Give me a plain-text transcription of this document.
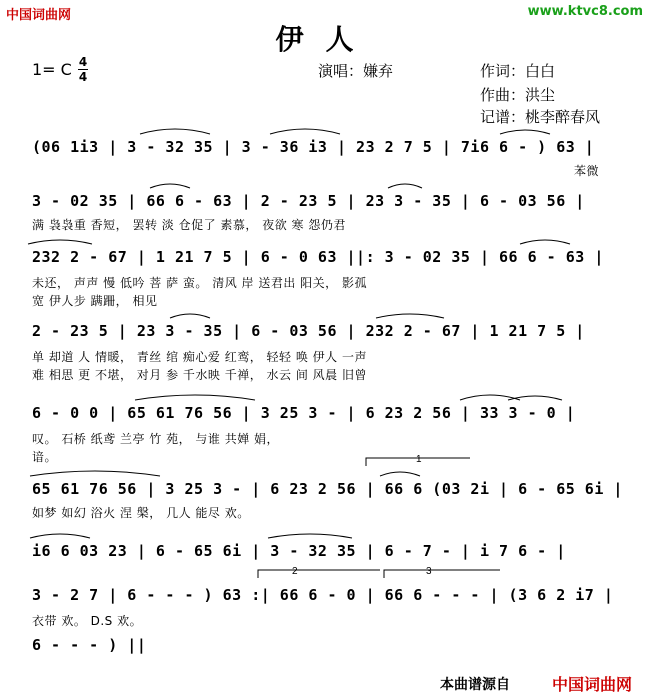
中国词曲网	www.ktvc8.com
伊人
1= C 4
4	演唱：嫌弃	作词：白白
作曲：洪尘
记谱：桃李醉春风
(06 1i3 | 3 - 32 35 | 3 - 36 i3 | 23 2 7 5 | 7i6 6 - ) 63 |
苯微
3 - 02 35 | 66 6 - 63 | 2 - 23 5 | 23 3 - 35 | 6 - 03 56 |
满 袅袅重 香短， 罢转 淡 仓促了 素慕， 夜欲 寒 怨仍君
232 2 - 67 | 1 21 7 5 | 6 - 0 63 ||: 3 - 02 35 | 66 6 - 63 |
未还， 声声 慢 低吟 菩 萨 蛮。 清风 岸 送君出 阳关， 影孤
宽 伊人步 蹒跚， 相见
2 - 23 5 | 23 3 - 35 | 6 - 03 56 | 232 2 - 67 | 1 21 7 5 |
单 却道 人 情暖， 青丝 绾 痴心爱 红鸾， 轻轻 唤 伊人 一声
难 相思 更 不堪， 对月 参 千水映 千禅， 水云 间 风晨 旧曾
6 - 0 0 | 65 61 76 56 | 3 25 3 - | 6 23 2 56 | 33 3 - 0 |
叹。 石桥 纸鸢 兰亭 竹 苑， 与谁 共婵 娟，
谙。
65 61 76 56 | 3 25 3 - | 6 23 2 56 | 66 6 (03 2i | 6 - 65 6i |
如梦 如幻 浴火 涅 槃， 几人 能尽 欢。
i6 6 03 23 | 6 - 65 6i | 3 - 32 35 | 6 - 7 - | i 7 6 - |
3 - 2 7 | 6 - - - ) 63 :| 66 6 - 0 | 66 6 - - - | (3 6 2 i7 |
衣带 欢。 D.S 欢。
6 - - - ) ||
1
2	3
本曲谱源自	中国词曲网
